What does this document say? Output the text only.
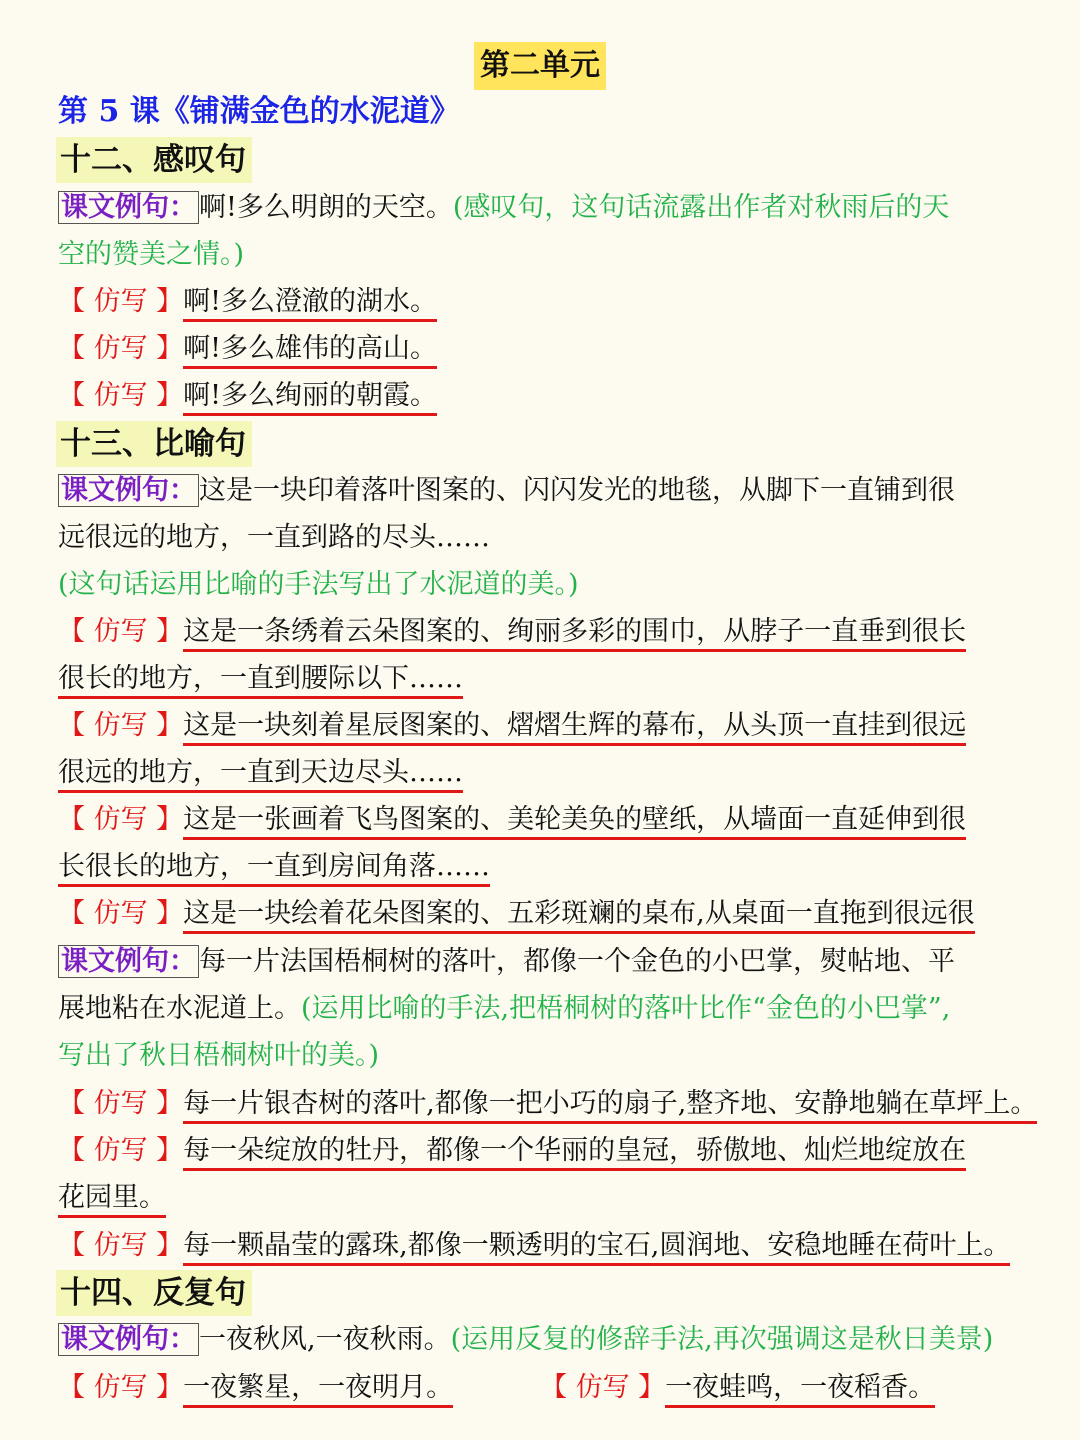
第二单元
第 5 课《铺满金色的水泥道》
十二、感叹句
课文例句： 啊!多么明朗的天空。(感叹句，这句话流露出作者对秋雨后的天
空的赞美之情。)
【 仿写 】啊!多么澄澈的湖水。
【 仿写 】啊!多么雄伟的高山。
【 仿写 】啊!多么绚丽的朝霞。
十三、比喻句
课文例句： 这是一块印着落叶图案的、闪闪发光的地毯，从脚下一直铺到很
远很远的地方，一直到路的尽头……
(这句话运用比喻的手法写出了水泥道的美。)
【 仿写 】这是一条绣着云朵图案的、绚丽多彩的围巾，从脖子一直垂到很长
很长的地方，一直到腰际以下……
【 仿写 】这是一块刻着星辰图案的、熠熠生辉的幕布，从头顶一直挂到很远
很远的地方，一直到天边尽头……
【 仿写 】这是一张画着飞鸟图案的、美轮美奂的壁纸，从墙面一直延伸到很
长很长的地方，一直到房间角落……
【 仿写 】这是一块绘着花朵图案的、五彩斑斓的桌布,从桌面一直拖到很远很
课文例句： 每一片法国梧桐树的落叶，都像一个金色的小巴掌，熨帖地、平
展地粘在水泥道上。(运用比喻的手法,把梧桐树的落叶比作“金色的小巴掌”,
写出了秋日梧桐树叶的美。)
【 仿写 】每一片银杏树的落叶,都像一把小巧的扇子,整齐地、安静地躺在草坪上。
【 仿写 】每一朵绽放的牡丹，都像一个华丽的皇冠，骄傲地、灿烂地绽放在
花园里。
【 仿写 】每一颗晶莹的露珠,都像一颗透明的宝石,圆润地、安稳地睡在荷叶上。
十四、反复句
课文例句： 一夜秋风,一夜秋雨。(运用反复的修辞手法,再次强调这是秋日美景)
【 仿写 】一夜繁星，一夜明月。	【 仿写 】一夜蛙鸣，一夜稻香。
